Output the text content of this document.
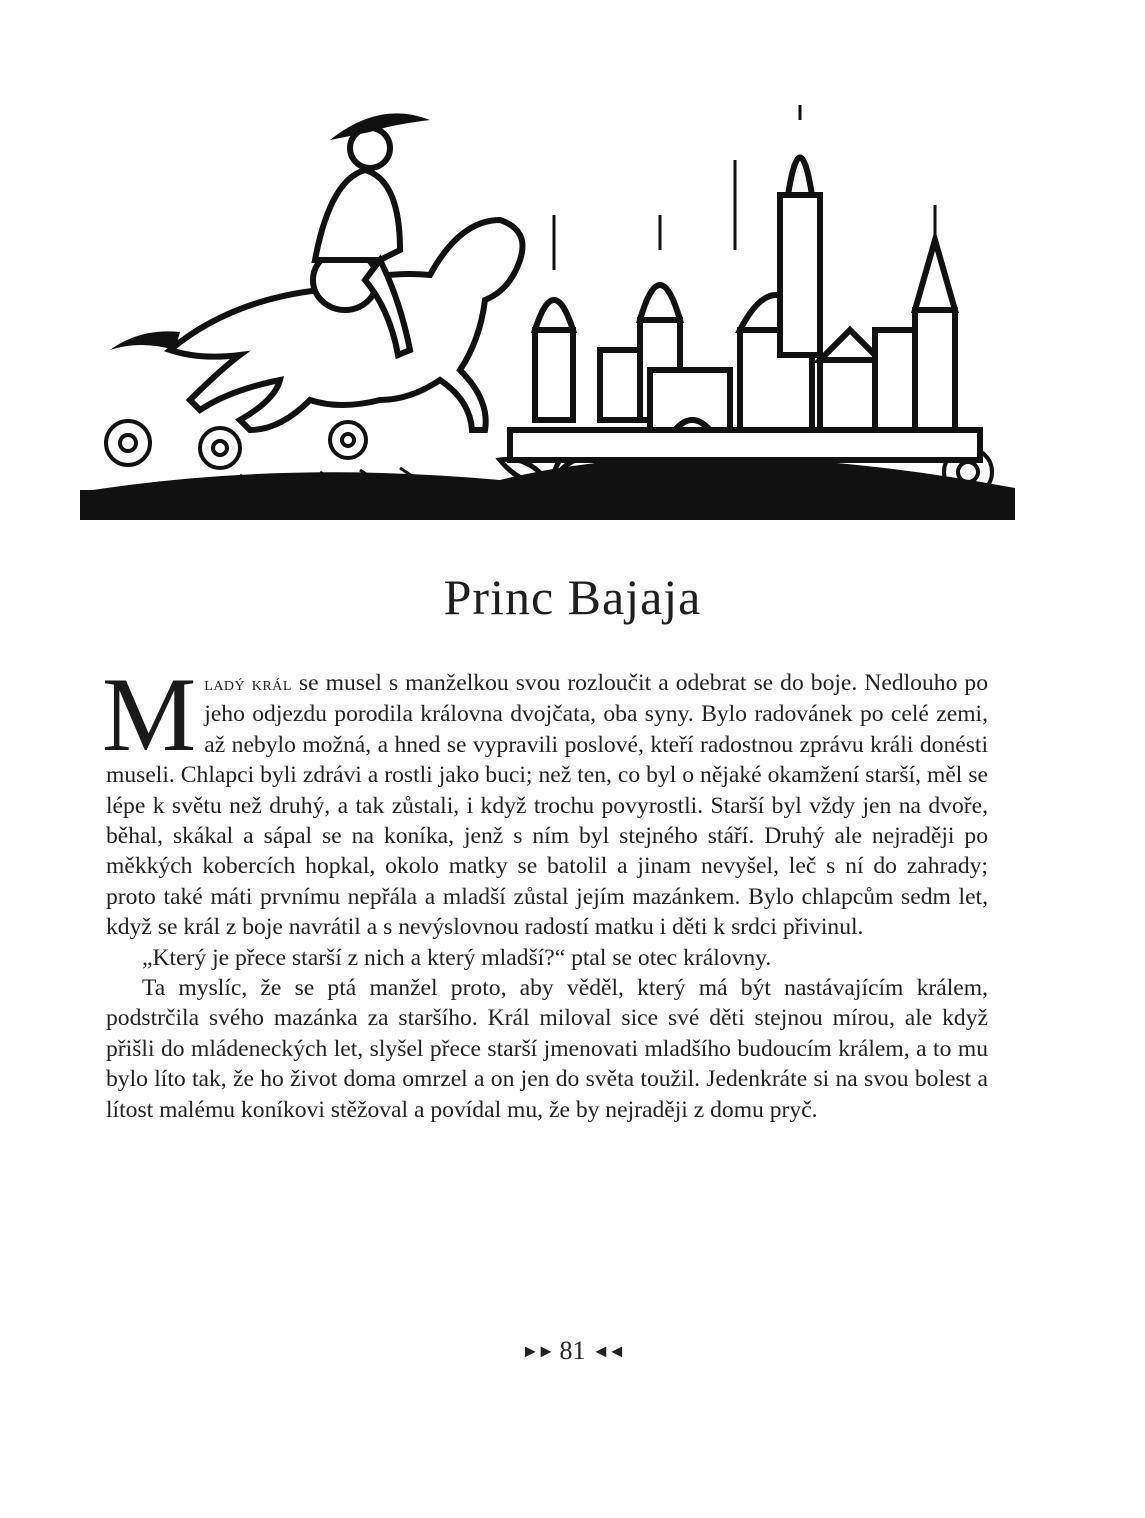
Princ Bajaja

Mladý král se musel s manželkou svou rozloučit a odebrat se do boje. Nedlouho po jeho odjezdu porodila královna dvojčata, oba syny. Bylo radovánek po celé zemi, až nebylo možná, a hned se vypravili poslové, kteří radostnou zprávu králi donésti museli. Chlapci byli zdrávi a rostli jako buci; než ten, co byl o nějaké okamžení starší, měl se lépe k světu než druhý, a tak zůstali, i když trochu povyrostli. Starší byl vždy jen na dvoře, běhal, skákal a sápal se na koníka, jenž s ním byl stejného stáří. Druhý ale nejraději po měkkých kobercích hopkal, okolo matky se batolil a jinam nevyšel, leč s ní do zahrady; proto také máti prvnímu nepřála a mladší zůstal jejím mazánkem. Bylo chlapcům sedm let, když se král z boje navrátil a s nevýslovnou radostí matku i děti k srdci přivinul.

„Který je přece starší z nich a který mladší?“ ptal se otec královny.

Ta myslíc, že se ptá manžel proto, aby věděl, který má být nastávajícím králem, podstrčila svého mazánka za staršího. Král miloval sice své děti stejnou mírou, ale když přišli do mládeneckých let, slyšel přece starší jmenovati mladšího budoucím králem, a to mu bylo líto tak, že ho život doma omrzel a on jen do světa toužil. Jedenkráte si na svou bolest a lítost malému koníkovi stěžoval a povídal mu, že by nejraději z domu pryč.

►► 81 ◄◄
